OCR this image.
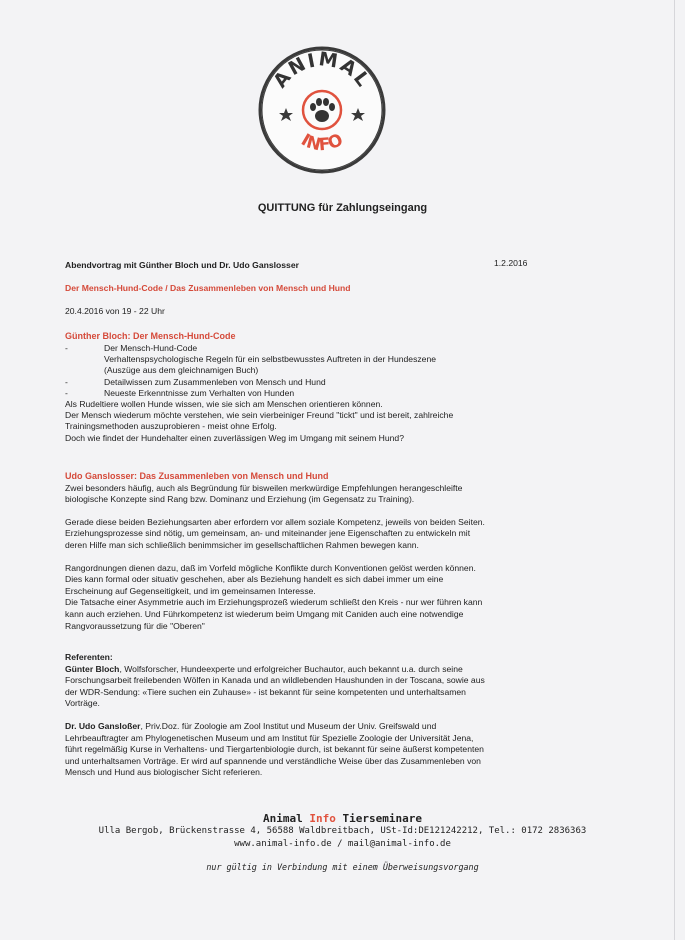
ANIMAL
INFO
QUITTUNG für Zahlungseingang
Abendvortrag mit Günther Bloch und Dr. Udo Ganslosser	1.2.2016
Der Mensch-Hund-Code / Das Zusammenleben von Mensch und Hund
20.4.2016 von 19 - 22 Uhr
Günther Bloch: Der Mensch-Hund-Code
-	Der Mensch-Hund-Code
Verhaltenspsychologische Regeln für ein selbstbewusstes Auftreten in der Hundeszene
(Auszüge aus dem gleichnamigen Buch)
-	Detailwissen zum Zusammenleben von Mensch und Hund
-	Neueste Erkenntnisse zum Verhalten von Hunden
Als Rudeltiere wollen Hunde wissen, wie sie sich am Menschen orientieren können.
Der Mensch wiederum möchte verstehen, wie sein vierbeiniger Freund "tickt" und ist bereit, zahlreiche
Trainingsmethoden auszuprobieren - meist ohne Erfolg.
Doch wie findet der Hundehalter einen zuverlässigen Weg im Umgang mit seinem Hund?
Udo Ganslosser: Das Zusammenleben von Mensch und Hund
Zwei besonders häufig, auch als Begründung für bisweilen merkwürdige Empfehlungen herangeschleifte
biologische Konzepte sind Rang bzw. Dominanz und Erziehung (im Gegensatz zu Training).
Gerade diese beiden Beziehungsarten aber erfordern vor allem soziale Kompetenz, jeweils von beiden Seiten.
Erziehungsprozesse sind nötig, um gemeinsam, an- und miteinander jene Eigenschaften zu entwickeln mit
deren Hilfe man sich schließlich benimmsicher im gesellschaftlichen Rahmen bewegen kann.
Rangordnungen dienen dazu, daß im Vorfeld mögliche Konflikte durch Konventionen gelöst werden können.
Dies kann formal oder situativ geschehen, aber als Beziehung handelt es sich dabei immer um eine
Erscheinung auf Gegenseitigkeit, und im gemeinsamen Interesse.
Die Tatsache einer Asymmetrie auch im Erziehungsprozeß wiederum schließt den Kreis - nur wer führen kann
kann auch erziehen. Und Führkompetenz ist wiederum beim Umgang mit Caniden auch eine notwendige
Rangvoraussetzung für die "Oberen"
Referenten:
Günter Bloch, Wolfsforscher, Hundeexperte und erfolgreicher Buchautor, auch bekannt u.a. durch seine
Forschungsarbeit freilebenden Wölfen in Kanada und an wildlebenden Haushunden in der Toscana, sowie aus
der WDR-Sendung: «Tiere suchen ein Zuhause» - ist bekannt für seine kompetenten und unterhaltsamen
Vorträge.
Dr. Udo Gansloßer, Priv.Doz. für Zoologie am Zool Institut und Museum der Univ. Greifswald und
Lehrbeauftragter am Phylogenetischen Museum und am Institut für Spezielle Zoologie der Universität Jena,
führt regelmäßig Kurse in Verhaltens- und Tiergartenbiologie durch, ist bekannt für seine äußerst kompetenten
und unterhaltsamen Vorträge. Er wird auf spannende und verständliche Weise über das Zusammenleben von
Mensch und Hund aus biologischer Sicht referieren.
Animal Info Tierseminare
Ulla Bergob, Brückenstrasse 4, 56588 Waldbreitbach, USt-Id:DE121242212, Tel.: 0172 2836363
www.animal-info.de / mail@animal-info.de
nur gültig in Verbindung mit einem Überweisungsvorgang
